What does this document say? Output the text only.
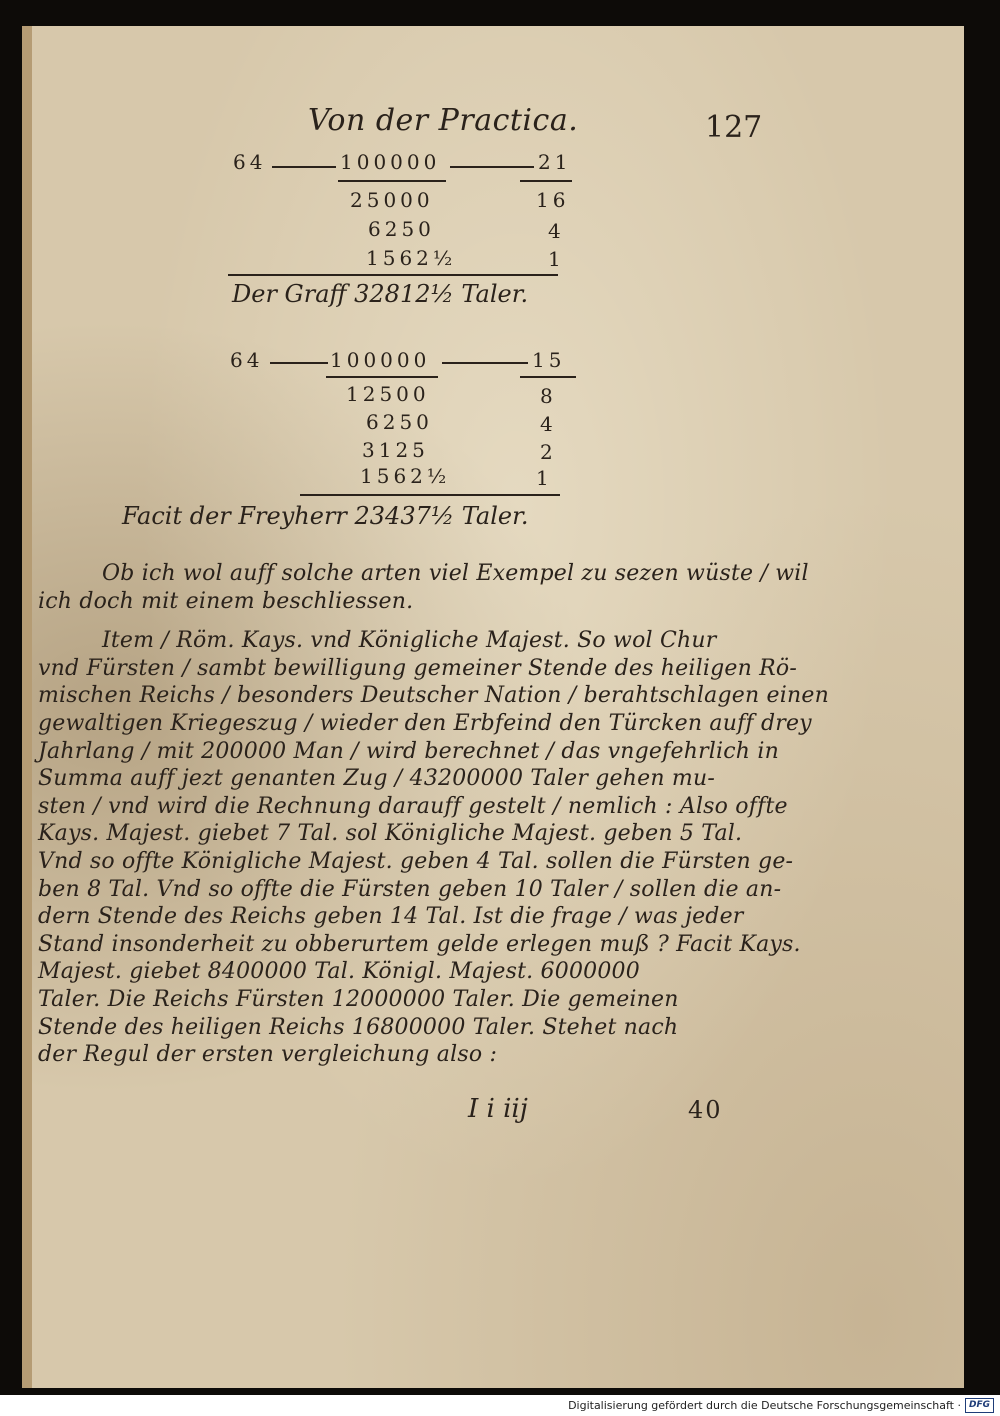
Von der Practica.	127
64	100000	21
25000	16
6250	4
1562½	1
Der Graff 32812½ Taler.
64	100000	15
12500	8
6250	4
3125	2
1562½	1
Facit der Freyherr 23437½ Taler.
Ob ich wol auff solche arten viel Exempel zu sezen wüste / wil
ich doch mit einem beschliessen.
Item / Röm. Kays. vnd Königliche Majest. So wol Chur
vnd Fürsten / sambt bewilligung gemeiner Stende des heiligen Rö-
mischen Reichs / besonders Deutscher Nation / berahtschlagen einen
gewaltigen Kriegeszug / wieder den Erbfeind den Türcken auff drey
Jahrlang / mit 200000 Man / wird berechnet / das vngefehrlich in
Summa auff jezt genanten Zug / 43200000 Taler gehen mu-
sten / vnd wird die Rechnung darauff gestelt / nemlich : Also offte
Kays. Majest. giebet 7 Tal. sol Königliche Majest. geben 5 Tal.
Vnd so offte Königliche Majest. geben 4 Tal. sollen die Fürsten ge-
ben 8 Tal. Vnd so offte die Fürsten geben 10 Taler / sollen die an-
dern Stende des Reichs geben 14 Tal. Ist die frage / was jeder
Stand insonderheit zu obberurtem gelde erlegen muß ? Facit Kays.
Majest. giebet 8400000 Tal. Königl. Majest. 6000000
Taler. Die Reichs Fürsten 12000000 Taler. Die gemeinen
Stende des heiligen Reichs 16800000 Taler. Stehet nach
der Regul der ersten vergleichung also :
I i iij	40
Digitalisierung gefördert durch die Deutsche Forschungsgemeinschaft · DFG
